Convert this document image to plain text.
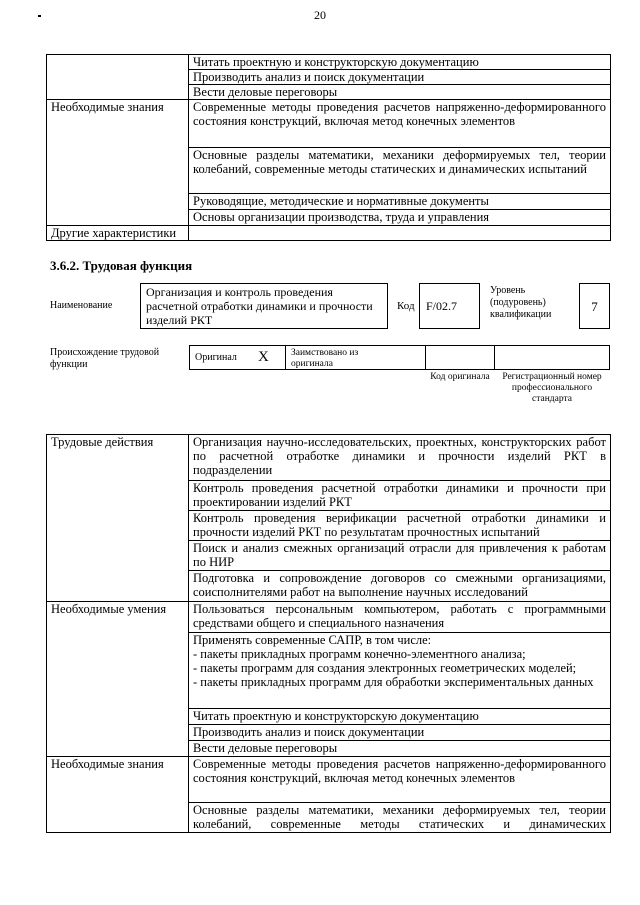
20
	Читать проектную и конструкторскую документацию
	Производить анализ и поиск документации
	Вести деловые переговоры
Необходимые знания	Современные методы проведения расчетов напряженно-деформированного состояния конструкций, включая метод конечных элементов
	Основные разделы математики, механики деформируемых тел, теории колебаний, современные методы статических и динамических испытаний
	Руководящие, методические и нормативные документы
	Основы организации производства, труда и управления
Другие характеристики	
3.6.2. Трудовая функция
Наименование
Организация и контроль проведения расчетной отработки динамики и прочности изделий РКТ
Код F/02.7
Уровень (подуровень) квалификации
7
Происхождение трудовой функции
Оригинал X Заимствовано из оригинала
Код оригинала	Регистрационный номер профессионального стандарта
Трудовые действия	Организация научно-исследовательских, проектных, конструкторских работ по расчетной отработке динамики и прочности изделий РКТ в подразделении
	Контроль проведения расчетной отработки динамики и прочности при проектировании изделий РКТ
	Контроль проведения верификации расчетной отработки динамики и прочности изделий РКТ по результатам прочностных испытаний
	Поиск и анализ смежных организаций отрасли для привлечения к работам по НИР
	Подготовка и сопровождение договоров со смежными организациями, соисполнителями работ на выполнение научных исследований
Необходимые умения	Пользоваться персональным компьютером, работать с программными средствами общего и специального назначения
	Применять современные САПР, в том числе:
- пакеты прикладных программ конечно-элементного анализа;
- пакеты программ для создания электронных геометрических моделей;
- пакеты прикладных программ для обработки экспериментальных данных
	Читать проектную и конструкторскую документацию
	Производить анализ и поиск документации
	Вести деловые переговоры
Необходимые знания	Современные методы проведения расчетов напряженно-деформированного состояния конструкций, включая метод конечных элементов
	Основные разделы математики, механики деформируемых тел, теории колебаний, современные методы статических и динамических
